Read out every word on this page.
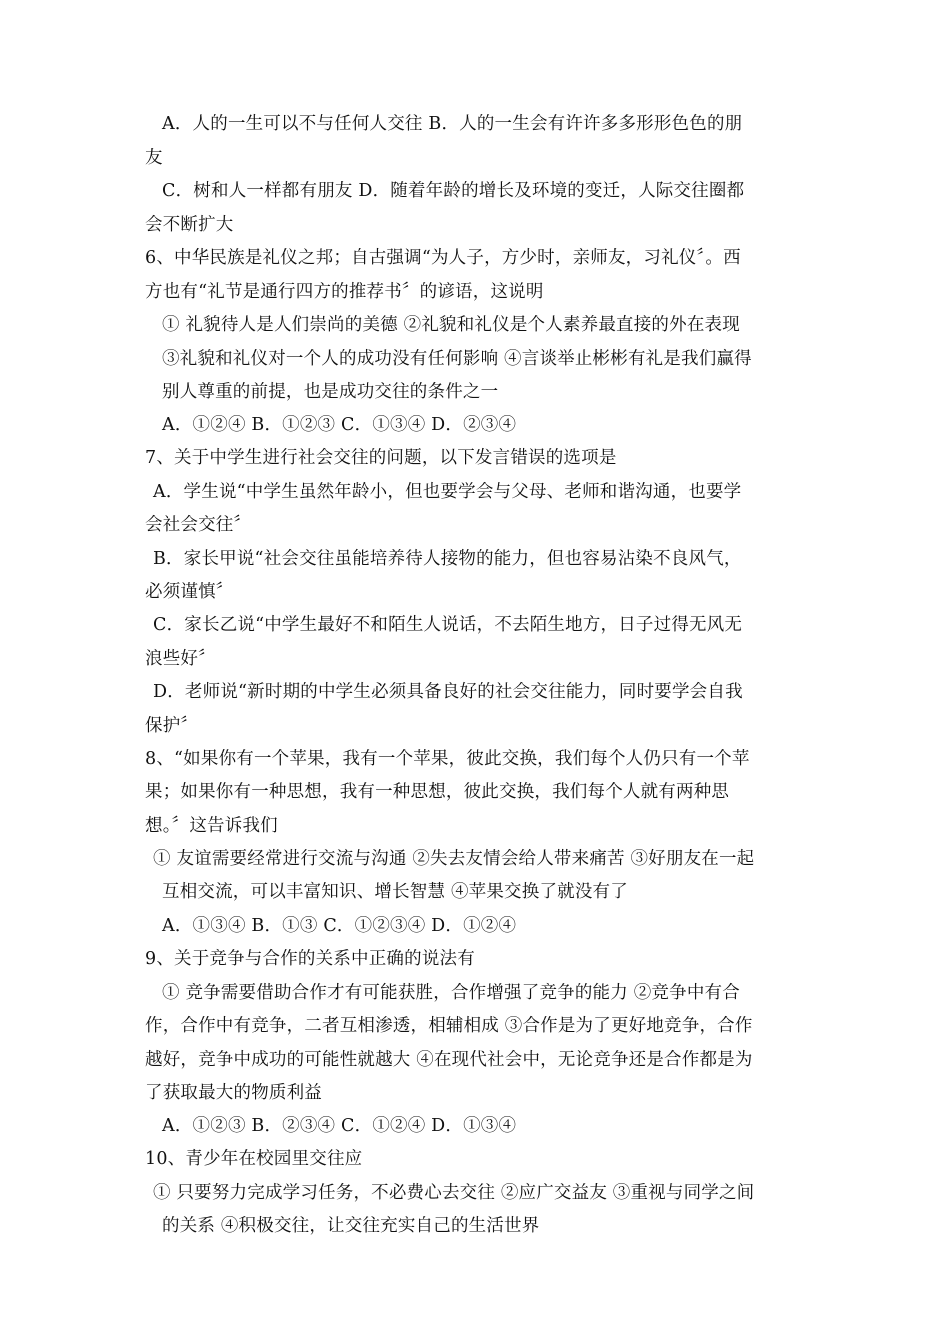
A．人的一生可以不与任何人交往 B．人的一生会有许许多多形形色色的朋
友
C．树和人一样都有朋友 D．随着年龄的增长及环境的变迁，人际交往圈都
会不断扩大
6、中华民族是礼仪之邦；自古强调“为人子，方少时，亲师友，习礼仪〞。西
方也有“礼节是通行四方的推荐书〞的谚语，这说明
① 礼貌待人是人们崇尚的美德 ②礼貌和礼仪是个人素养最直接的外在表现
③礼貌和礼仪对一个人的成功没有任何影响 ④言谈举止彬彬有礼是我们赢得
别人尊重的前提，也是成功交往的条件之一
A．①②④ B．①②③ C．①③④ D．②③④
7、关于中学生进行社会交往的问题，以下发言错误的选项是
A．学生说“中学生虽然年龄小，但也要学会与父母、老师和谐沟通，也要学
会社会交往〞
B．家长甲说“社会交往虽能培养待人接物的能力，但也容易沾染不良风气，
必须谨慎〞
C．家长乙说“中学生最好不和陌生人说话，不去陌生地方，日子过得无风无
浪些好〞
D．老师说“新时期的中学生必须具备良好的社会交往能力，同时要学会自我
保护〞
8、“如果你有一个苹果，我有一个苹果，彼此交换，我们每个人仍只有一个苹
果；如果你有一种思想，我有一种思想，彼此交换，我们每个人就有两种思
想。〞这告诉我们
① 友谊需要经常进行交流与沟通 ②失去友情会给人带来痛苦 ③好朋友在一起
互相交流，可以丰富知识、增长智慧 ④苹果交换了就没有了
A．①③④ B．①③ C．①②③④ D．①②④
9、关于竞争与合作的关系中正确的说法有
① 竞争需要借助合作才有可能获胜，合作增强了竞争的能力 ②竞争中有合
作，合作中有竞争，二者互相渗透，相辅相成 ③合作是为了更好地竞争，合作
越好，竞争中成功的可能性就越大 ④在现代社会中，无论竞争还是合作都是为
了获取最大的物质利益
A．①②③ B．②③④ C．①②④ D．①③④
10、青少年在校园里交往应
① 只要努力完成学习任务，不必费心去交往 ②应广交益友 ③重视与同学之间
的关系 ④积极交往，让交往充实自己的生活世界
